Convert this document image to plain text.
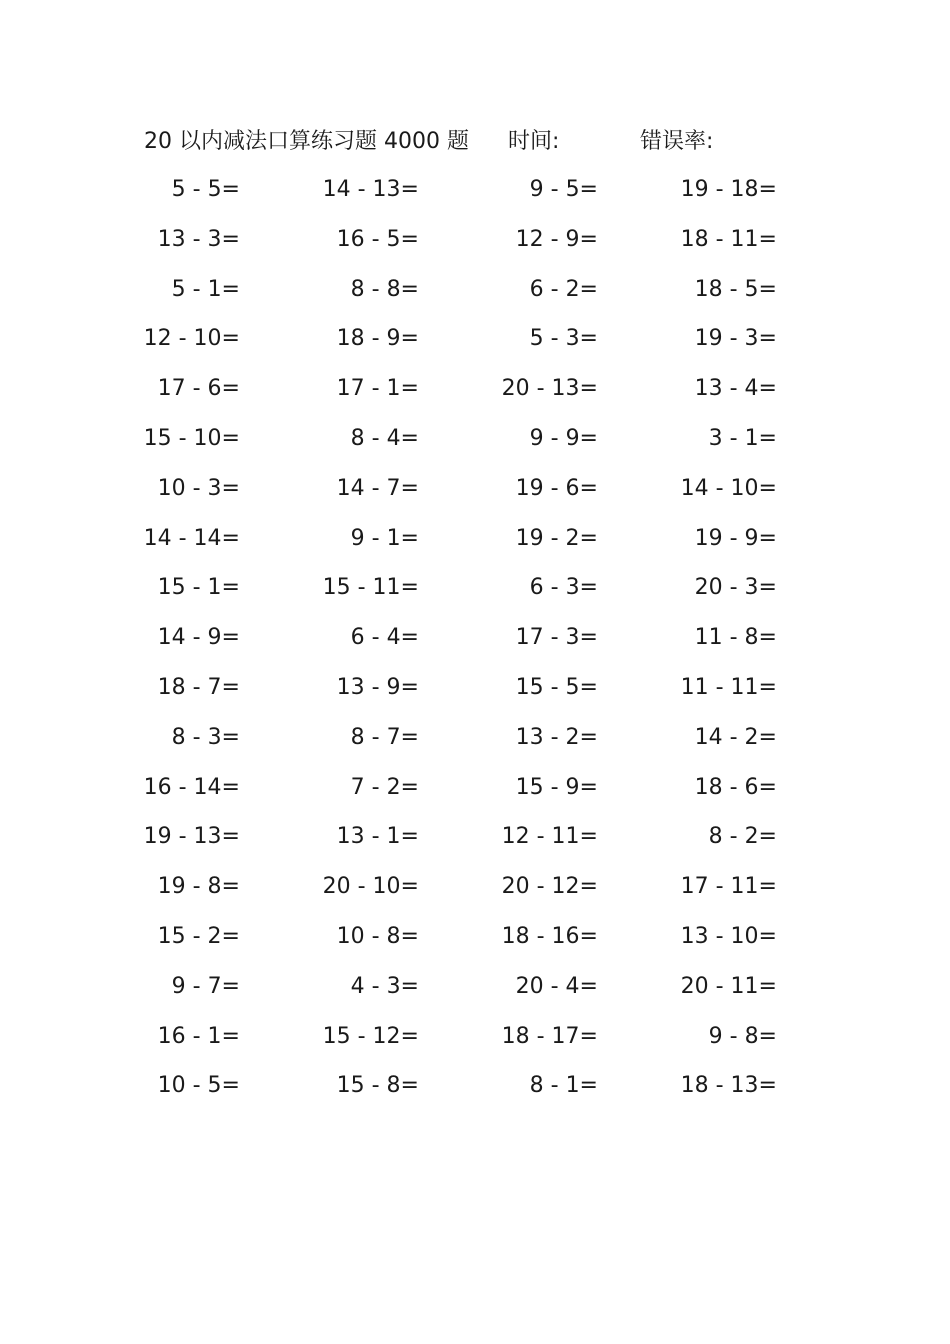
20 以内减法口算练习题 4000 题 时间:	错误率:
5 - 5=	14 - 13=	9 - 5=	19 - 18=
13 - 3=	16 - 5=	12 - 9=	18 - 11=
5 - 1=	8 - 8=	6 - 2=	18 - 5=
12 - 10=	18 - 9=	5 - 3=	19 - 3=
17 - 6=	17 - 1=	20 - 13=	13 - 4=
15 - 10=	8 - 4=	9 - 9=	3 - 1=
10 - 3=	14 - 7=	19 - 6=	14 - 10=
14 - 14=	9 - 1=	19 - 2=	19 - 9=
15 - 1=	15 - 11=	6 - 3=	20 - 3=
14 - 9=	6 - 4=	17 - 3=	11 - 8=
18 - 7=	13 - 9=	15 - 5=	11 - 11=
8 - 3=	8 - 7=	13 - 2=	14 - 2=
16 - 14=	7 - 2=	15 - 9=	18 - 6=
19 - 13=	13 - 1=	12 - 11=	8 - 2=
19 - 8=	20 - 10=	20 - 12=	17 - 11=
15 - 2=	10 - 8=	18 - 16=	13 - 10=
9 - 7=	4 - 3=	20 - 4=	20 - 11=
16 - 1=	15 - 12=	18 - 17=	9 - 8=
10 - 5=	15 - 8=	8 - 1=	18 - 13=
